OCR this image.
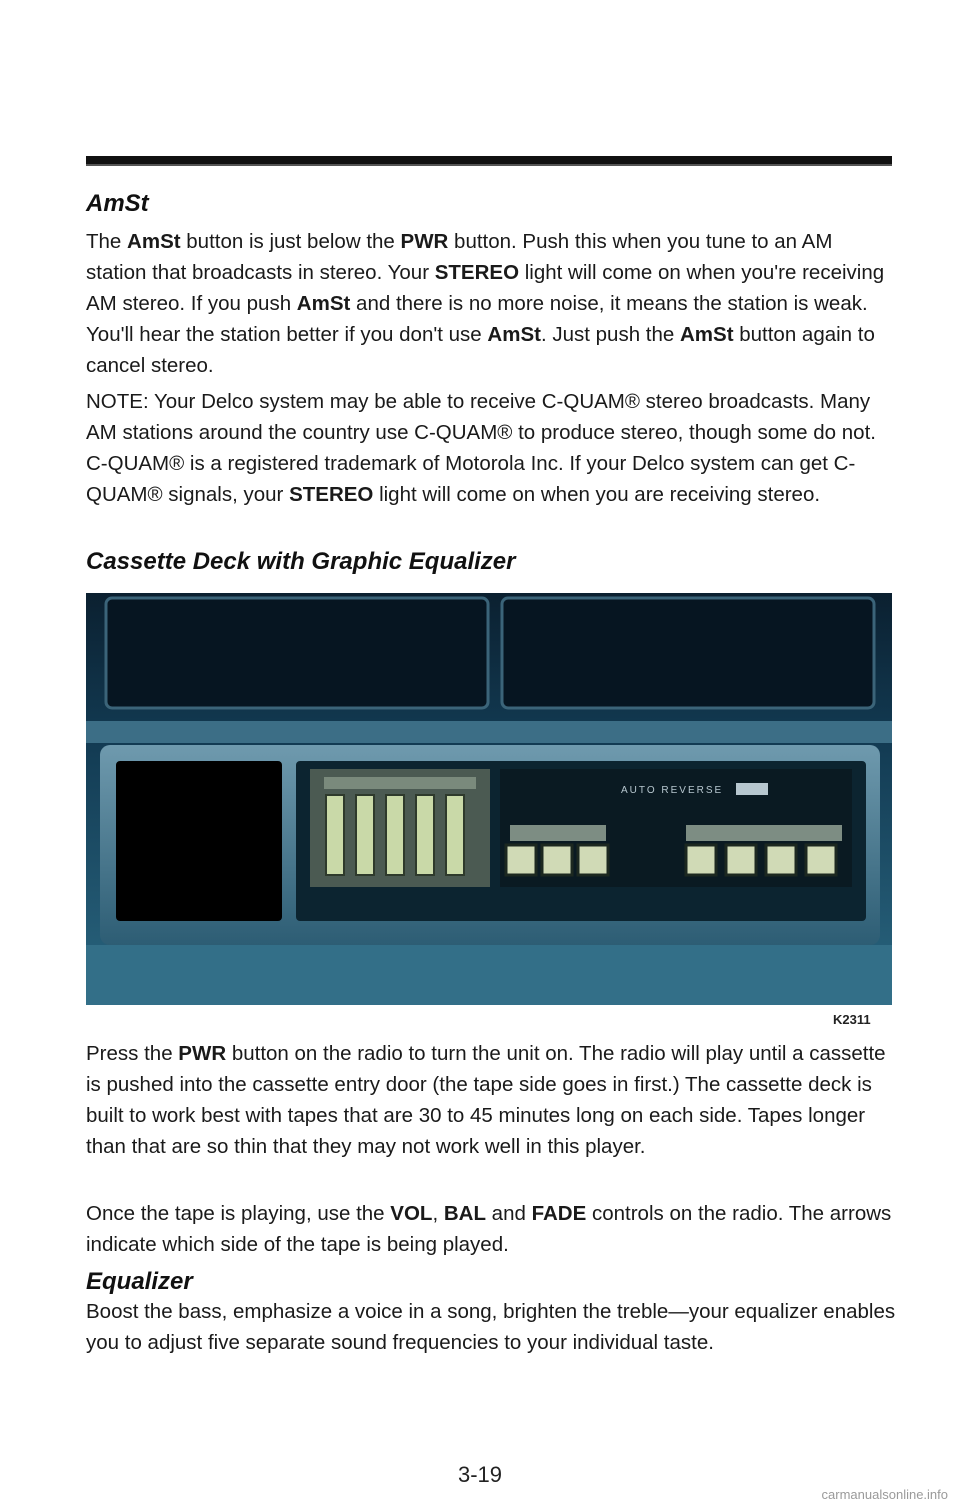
AmSt

The AmSt button is just below the PWR button. Push this when you tune to an AM station that broadcasts in stereo. Your STEREO light will come on when you're receiving AM stereo. If you push AmSt and there is no more noise, it means the station is weak. You'll hear the station better if you don't use AmSt. Just push the AmSt button again to cancel stereo.

NOTE: Your Delco system may be able to receive C-QUAM® stereo broadcasts. Many AM stations around the country use C-QUAM® to produce stereo, though some do not. C-QUAM® is a registered trademark of Motorola Inc. If your Delco system can get C-QUAM® signals, your STEREO light will come on when you are receiving stereo.

Cassette Deck with Graphic Equalizer
AUTO REVERSE
K2311

Press the PWR button on the radio to turn the unit on. The radio will play until a cassette is pushed into the cassette entry door (the tape side goes in first.) The cassette deck is built to work best with tapes that are 30 to 45 minutes long on each side. Tapes longer than that are so thin that they may not work well in this player.

Once the tape is playing, use the VOL, BAL and FADE controls on the radio. The arrows indicate which side of the tape is being played.

Equalizer

Boost the bass, emphasize a voice in a song, brighten the treble—your equalizer enables you to adjust five separate sound frequencies to your individual taste.

3-19
carmanualsonline.info
